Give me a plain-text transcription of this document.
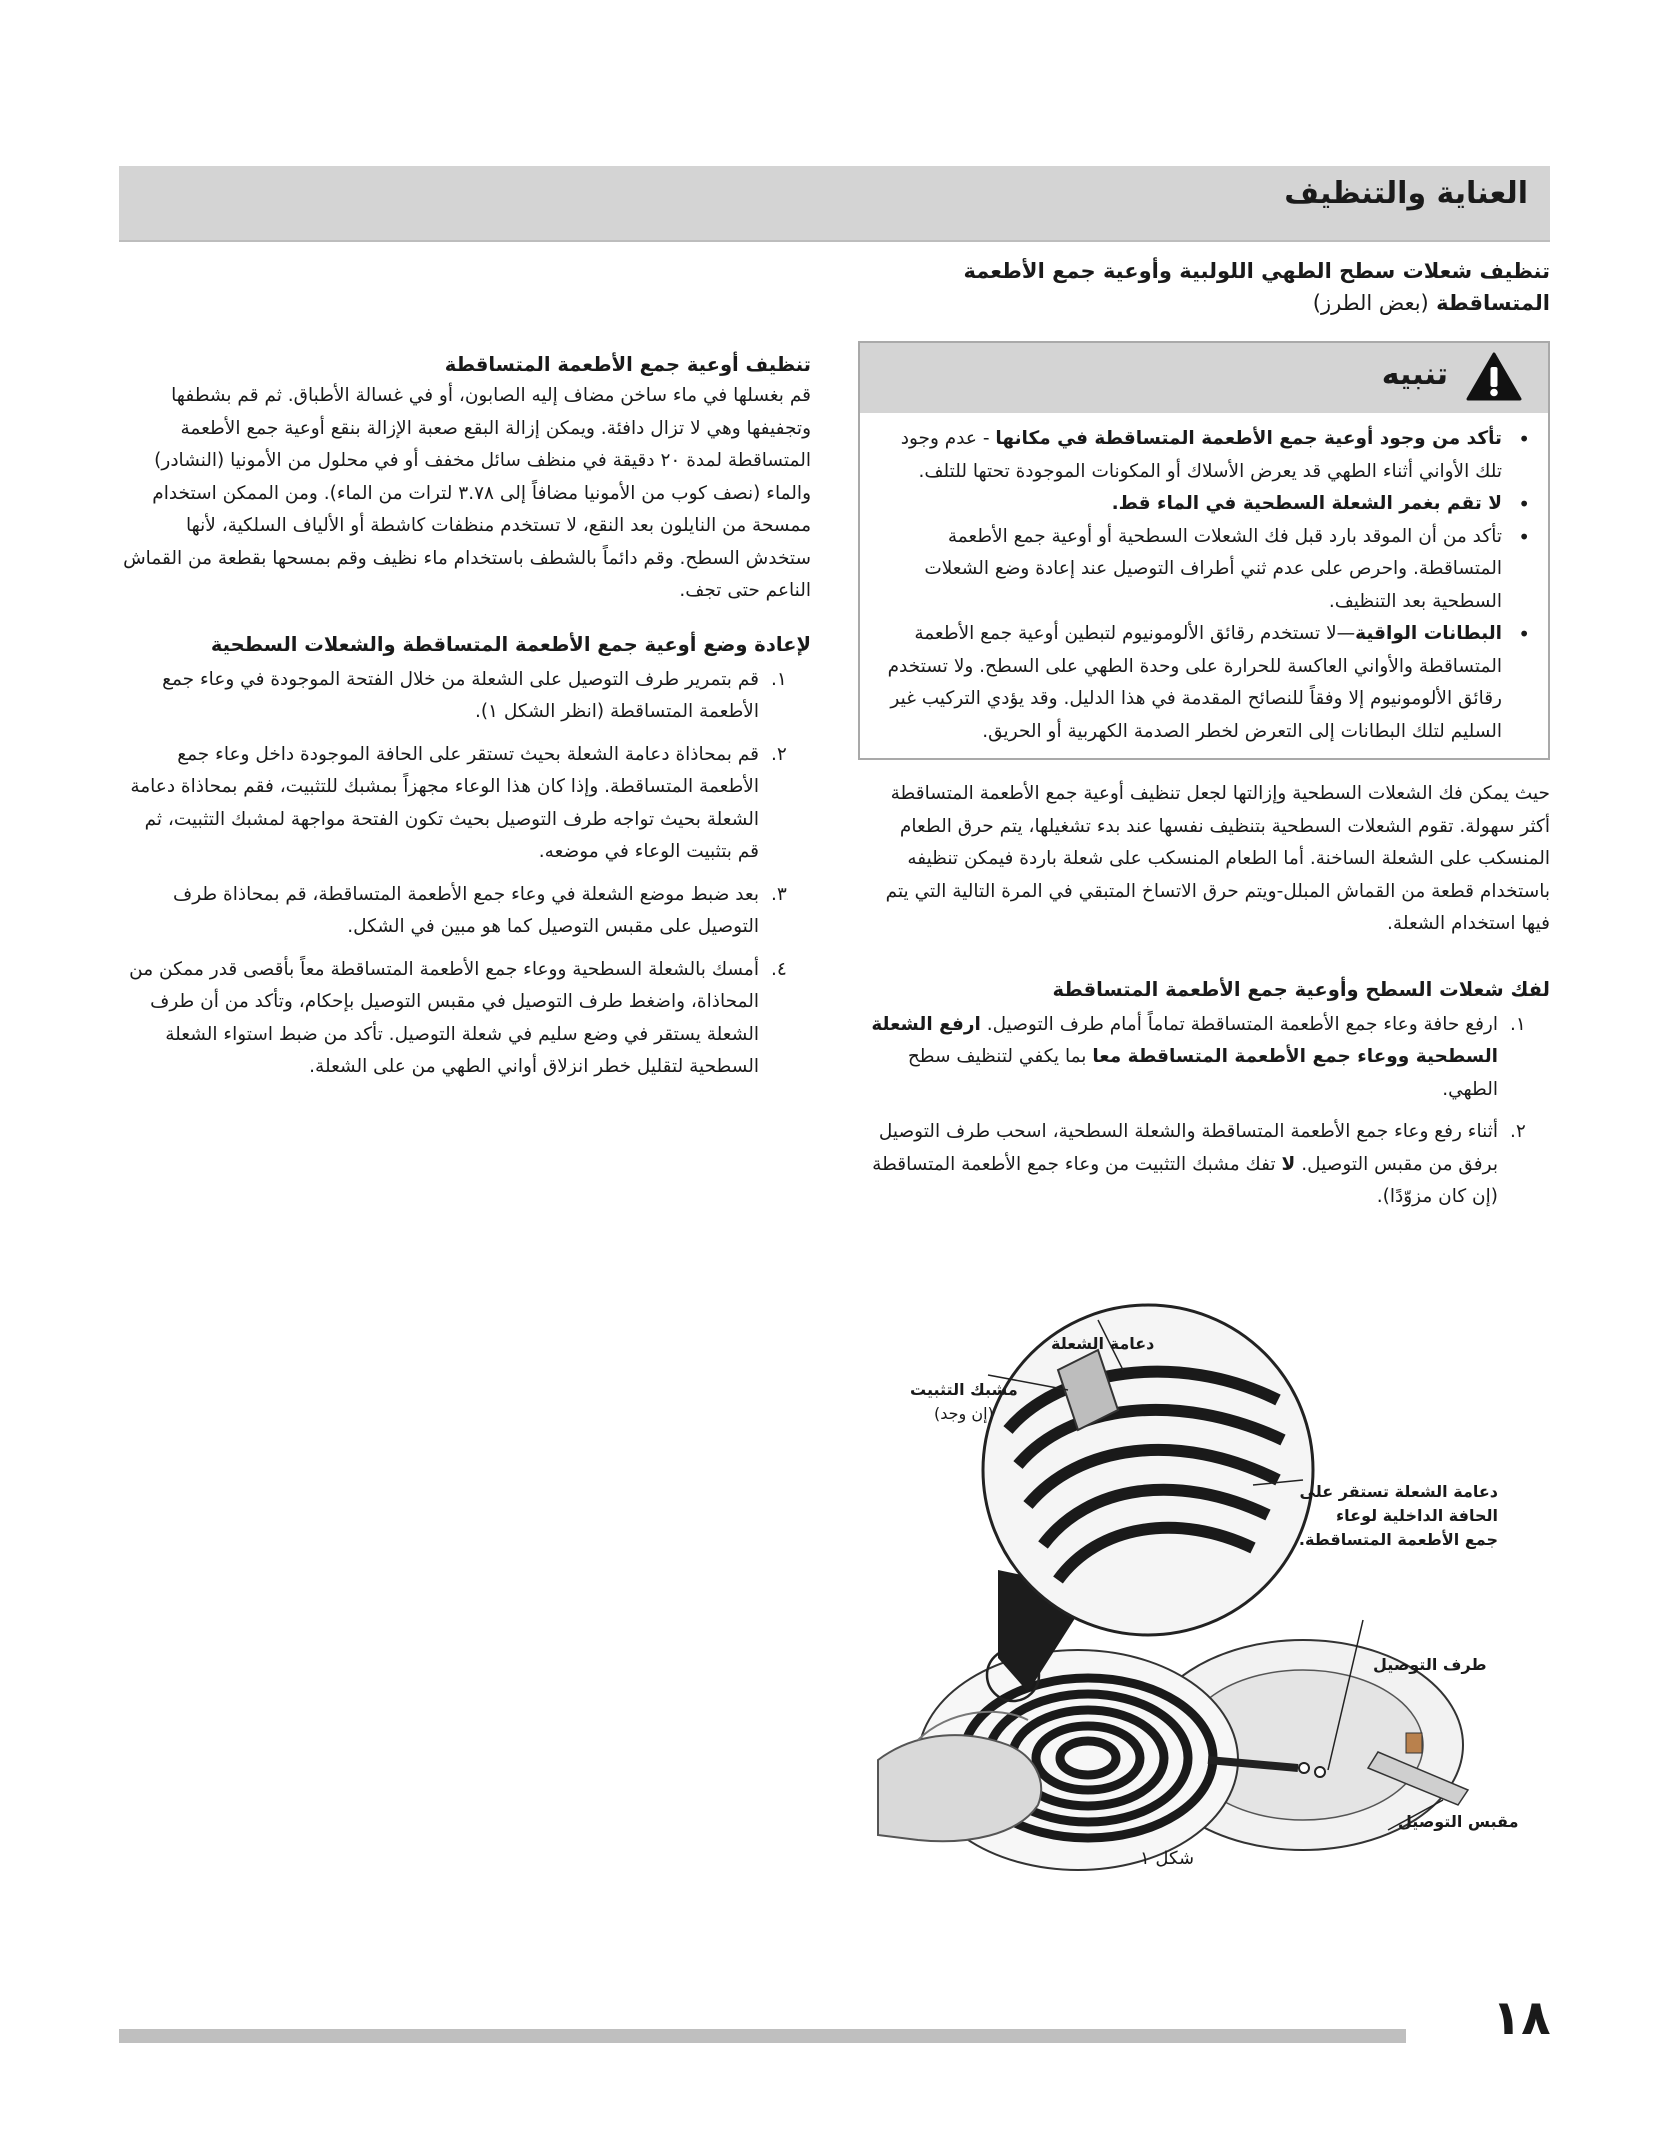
العناية والتنظيف
تنظيف شعلات سطح الطهي اللولبية وأوعية جمع الأطعمة
المتساقطة (بعض الطرز)
تنبيه
• تأكد من وجود أوعية جمع الأطعمة المتساقطة في مكانها - عدم وجود تلك الأواني أثناء الطهي قد يعرض الأسلاك أو المكونات الموجودة تحتها للتلف.
• لا تقم بغمر الشعلة السطحية في الماء قط.
• تأكد من أن الموقد بارد قبل فك الشعلات السطحية أو أوعية جمع الأطعمة المتساقطة. واحرص على عدم ثني أطراف التوصيل عند إعادة وضع الشعلات السطحية بعد التنظيف.
• البطانات الواقية—لا تستخدم رقائق الألومونيوم لتبطين أوعية جمع الأطعمة المتساقطة والأواني العاكسة للحرارة على وحدة الطهي على السطح. ولا تستخدم رقائق الألومونيوم إلا وفقاً للنصائح المقدمة في هذا الدليل. وقد يؤدي التركيب غير السليم لتلك البطانات إلى التعرض لخطر الصدمة الكهربية أو الحريق.

حيث يمكن فك الشعلات السطحية وإزالتها لجعل تنظيف أوعية جمع الأطعمة المتساقطة أكثر سهولة. تقوم الشعلات السطحية بتنظيف نفسها عند بدء تشغيلها، يتم حرق الطعام المنسكب على الشعلة الساخنة. أما الطعام المنسكب على شعلة باردة فيمكن تنظيفه باستخدام قطعة من القماش المبلل-ويتم حرق الاتساخ المتبقي في المرة التالية التي يتم فيها استخدام الشعلة.

لفك شعلات السطح وأوعية جمع الأطعمة المتساقطة
١.
ارفع حافة وعاء جمع الأطعمة المتساقطة تماماً أمام طرف التوصيل. ارفع الشعلة السطحية ووعاء جمع الأطعمة المتساقطة معا بما يكفي لتنظيف سطح الطهي.
٢.
أثناء رفع وعاء جمع الأطعمة المتساقطة والشعلة السطحية، اسحب طرف التوصيل برفق من مقبس التوصيل. لا تفك مشبك التثبيت من وعاء جمع الأطعمة المتساقطة (إن كان مزوّدًا).
تنظيف أوعية جمع الأطعمة المتساقطة

قم بغسلها في ماء ساخن مضاف إليه الصابون، أو في غسالة الأطباق. ثم قم بشطفها وتجفيفها وهي لا تزال دافئة. ويمكن إزالة البقع صعبة الإزالة بنقع أوعية جمع الأطعمة المتساقطة لمدة ٢٠ دقيقة في منظف سائل مخفف أو في محلول من الأمونيا (النشادر) والماء (نصف كوب من الأمونيا مضافاً إلى ٣.٧٨ لترات من الماء). ومن الممكن استخدام ممسحة من النايلون بعد النقع، لا تستخدم منظفات كاشطة أو الألياف السلكية، لأنها ستخدش السطح. وقم دائماً بالشطف باستخدام ماء نظيف وقم بمسحها بقطعة من القماش الناعم حتى تجف.

لإعادة وضع أوعية جمع الأطعمة المتساقطة والشعلات السطحية
١.
قم بتمرير طرف التوصيل على الشعلة من خلال الفتحة الموجودة في وعاء جمع الأطعمة المتساقطة (انظر الشكل ١).
٢.
قم بمحاذاة دعامة الشعلة بحيث تستقر على الحافة الموجودة داخل وعاء جمع الأطعمة المتساقطة. وإذا كان هذا الوعاء مجهزاً بمشبك للتثبيت، فقم بمحاذاة دعامة الشعلة بحيث تواجه طرف التوصيل بحيث تكون الفتحة مواجهة لمشبك التثبيت، ثم قم بتثبيت الوعاء في موضعه.
٣.
بعد ضبط موضع الشعلة في وعاء جمع الأطعمة المتساقطة، قم بمحاذاة طرف التوصيل على مقبس التوصيل كما هو مبين في الشكل.
٤.
أمسك بالشعلة السطحية ووعاء جمع الأطعمة المتساقطة معاً بأقصى قدر ممكن من المحاذاة، واضغط طرف التوصيل في مقبس التوصيل بإحكام، وتأكد من أن طرف الشعلة يستقر في وضع سليم في شعلة التوصيل. تأكد من ضبط استواء الشعلة السطحية لتقليل خطر انزلاق أواني الطهي من على الشعلة.
دعامة الشعلة
مشبك التثبيت
(إن وجد)
دعامة الشعلة تستقر على الحافة الداخلية لوعاء جمع الأطعمة المتساقطة.
طرف التوصيل
مقبس التوصيل
شكل ١
١٨
